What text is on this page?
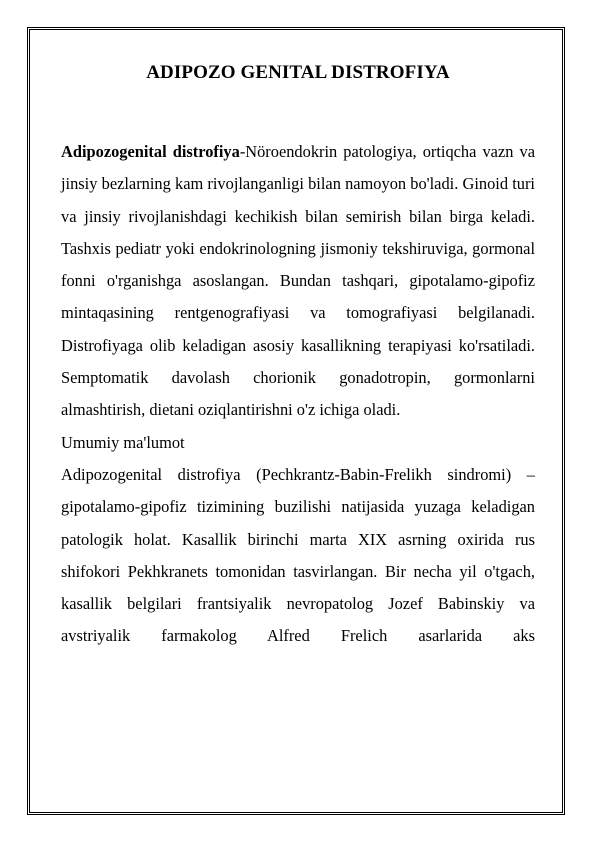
ADIPOZO GENITAL DISTROFIYA

Adipozogenital distrofiya-Nöroendokrin patologiya, ortiqcha vazn va jinsiy bezlarning kam rivojlanganligi bilan namoyon bo'ladi. Ginoid turi va jinsiy rivojlanishdagi kechikish bilan semirish bilan birga keladi. Tashxis pediatr yoki endokrinologning jismoniy tekshiruviga, gormonal fonni o'rganishga asoslangan. Bundan tashqari, gipotalamo-gipofiz mintaqasining rentgenografiyasi va tomografiyasi belgilanadi. Distrofiyaga olib keladigan asosiy kasallikning terapiyasi ko'rsatiladi. Semptomatik davolash chorionik gonadotropin, gormonlarni almashtirish, dietani oziqlantirishni o'z ichiga oladi.

Umumiy ma'lumot

Adipozogenital distrofiya (Pechkrantz-Babin-Frelikh sindromi) – gipotalamo-gipofiz tizimining buzilishi natijasida yuzaga keladigan patologik holat. Kasallik birinchi marta XIX asrning oxirida rus shifokori Pekhkranets tomonidan tasvirlangan. Bir necha yil o'tgach, kasallik belgilari frantsiyalik nevropatolog Jozef Babinskiy va avstriyalik farmakolog Alfred Frelich asarlarida aks
